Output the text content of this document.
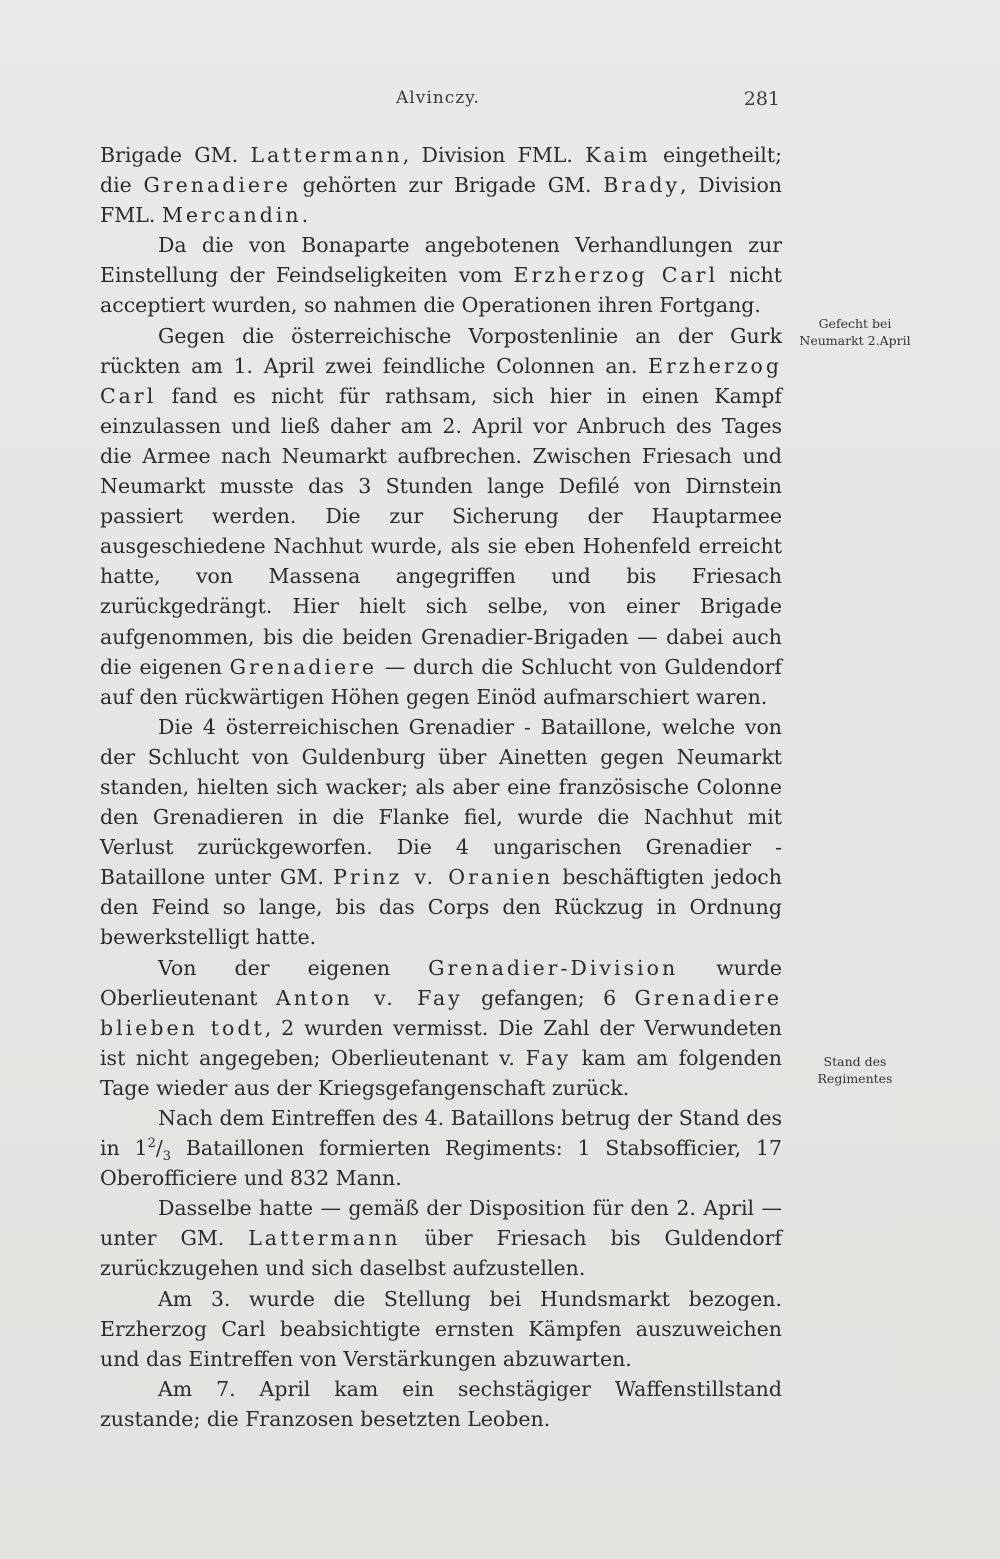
Alvinczy.	281
Gefecht bei
Neumarkt 2.April
Stand des
Regimentes

Brigade GM. Lattermann, Division FML. Kaim eingetheilt; die Grenadiere gehörten zur Brigade GM. Brady, Division FML. Mercandin.

Da die von Bonaparte angebotenen Verhandlungen zur Einstellung der Feindseligkeiten vom Erzherzog Carl nicht acceptiert wurden, so nahmen die Operationen ihren Fortgang.

Gegen die österreichische Vorpostenlinie an der Gurk rückten am 1. April zwei feindliche Colonnen an. Erzherzog Carl fand es nicht für rathsam, sich hier in einen Kampf einzulassen und ließ daher am 2. April vor Anbruch des Tages die Armee nach Neumarkt aufbrechen. Zwischen Friesach und Neumarkt musste das 3 Stunden lange Defilé von Dirnstein passiert werden. Die zur Sicherung der Hauptarmee ausgeschiedene Nachhut wurde, als sie eben Hohenfeld erreicht hatte, von Massena angegriffen und bis Friesach zurückgedrängt. Hier hielt sich selbe, von einer Brigade aufgenommen, bis die beiden Grenadier-Brigaden — dabei auch die eigenen Grenadiere — durch die Schlucht von Guldendorf auf den rückwärtigen Höhen gegen Einöd aufmarschiert waren.

Die 4 österreichischen Grenadier - Bataillone, welche von der Schlucht von Guldenburg über Ainetten gegen Neumarkt standen, hielten sich wacker; als aber eine französische Colonne den Grenadieren in die Flanke fiel, wurde die Nachhut mit Verlust zurückgeworfen. Die 4 ungarischen Grenadier - Bataillone unter GM. Prinz v. Oranien beschäftigten jedoch den Feind so lange, bis das Corps den Rückzug in Ordnung bewerkstelligt hatte.

Von der eigenen Grenadier-Division wurde Oberlieutenant Anton v. Fay gefangen; 6 Grenadiere blieben todt, 2 wurden vermisst. Die Zahl der Verwundeten ist nicht angegeben; Oberlieutenant v. Fay kam am folgenden Tage wieder aus der Kriegsgefangenschaft zurück.

Nach dem Eintreffen des 4. Bataillons betrug der Stand des in $1^2/_3$ Bataillonen formierten Regiments: 1 Stabsofficier, 17 Oberofficiere und 832 Mann.

Dasselbe hatte — gemäß der Disposition für den 2. April — unter GM. Lattermann über Friesach bis Guldendorf zurückzugehen und sich daselbst aufzustellen.

Am 3. wurde die Stellung bei Hundsmarkt bezogen. Erzherzog Carl beabsichtigte ernsten Kämpfen auszuweichen und das Eintreffen von Verstärkungen abzuwarten.

Am 7. April kam ein sechstägiger Waffenstillstand zustande; die Franzosen besetzten Leoben.
